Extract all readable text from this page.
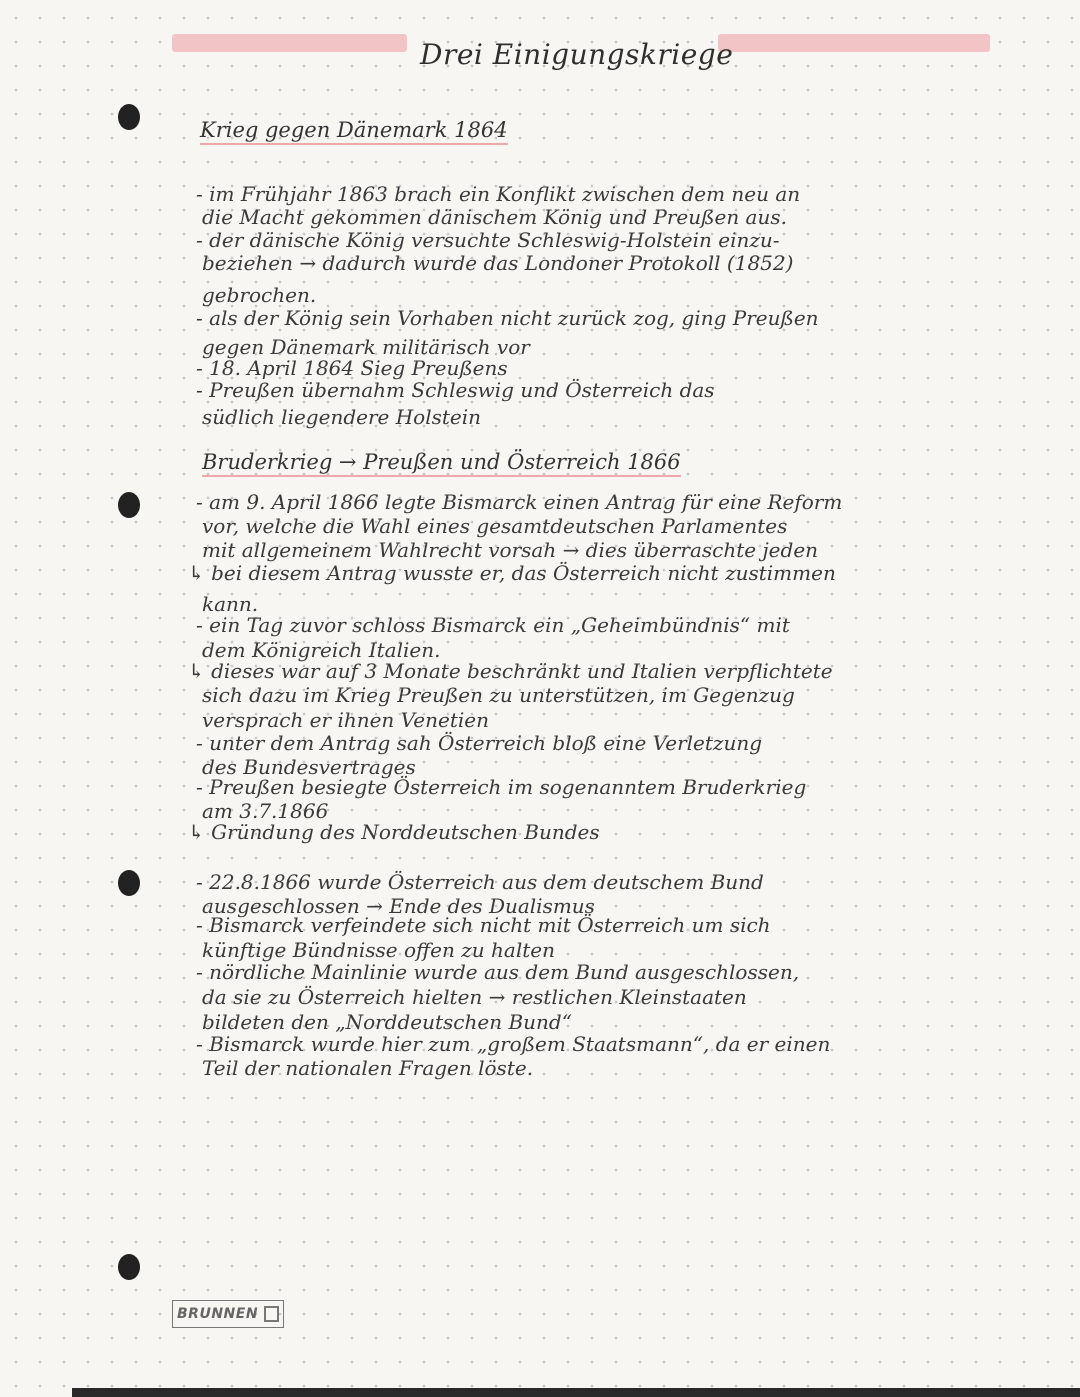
Drei Einigungskriege
Krieg gegen Dänemark 1864
- im Frühjahr 1863 brach ein Konflikt zwischen dem neu an
die Macht gekommen dänischem König und Preußen aus.
- der dänische König versuchte Schleswig-Holstein einzu-
beziehen → dadurch wurde das Londoner Protokoll (1852)
gebrochen.
- als der König sein Vorhaben nicht zurück zog, ging Preußen
gegen Dänemark militärisch vor
- 18. April 1864 Sieg Preußens
- Preußen übernahm Schleswig und Österreich das
südlich liegendere Holstein
Bruderkrieg → Preußen und Österreich 1866
- am 9. April 1866 legte Bismarck einen Antrag für eine Reform
vor, welche die Wahl eines gesamtdeutschen Parlamentes
mit allgemeinem Wahlrecht vorsah → dies überraschte jeden
↳ bei diesem Antrag wusste er, das Österreich nicht zustimmen
kann.
- ein Tag zuvor schloss Bismarck ein „Geheimbündnis“ mit
dem Königreich Italien.
↳ dieses war auf 3 Monate beschränkt und Italien verpflichtete
sich dazu im Krieg Preußen zu unterstützen, im Gegenzug
versprach er ihnen Venetien
- unter dem Antrag sah Österreich bloß eine Verletzung
des Bundesvertrages
- Preußen besiegte Österreich im sogenanntem Bruderkrieg
am 3.7.1866
↳ Gründung des Norddeutschen Bundes
- 22.8.1866 wurde Österreich aus dem deutschem Bund
ausgeschlossen → Ende des Dualismus
- Bismarck verfeindete sich nicht mit Österreich um sich
künftige Bündnisse offen zu halten
- nördliche Mainlinie wurde aus dem Bund ausgeschlossen,
da sie zu Österreich hielten → restlichen Kleinstaaten
bildeten den „Norddeutschen Bund“
- Bismarck wurde hier zum „großem Staatsmann“, da er einen
Teil der nationalen Fragen löste.
BRUNNEN
